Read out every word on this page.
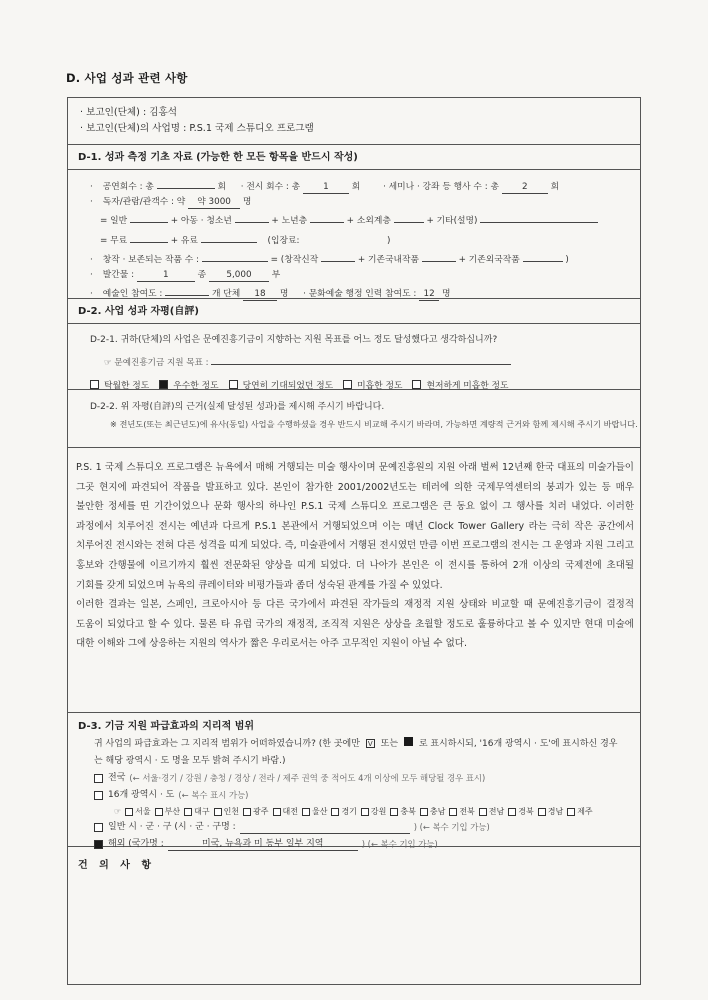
D. 사업 성과 관련 사항
· 보고인(단체) : 김홍석
· 보고인(단체)의 사업명 : P.S.1 국제 스튜디오 프로그램
D-1. 성과 측정 기초 자료 (가능한 한 모든 항목을 반드시 작성)
· 공연회수 : 총	회 · 전시 회수 : 총	1	회	· 세미나 · 강좌 등 행사 수 : 총	2	회
· 독자/관람/관객수 : 약 약 3000 명
= 일반	+ 아동 · 청소년	+ 노년층	+ 소외계층	+ 기타(설명)
= 무료	+ 유료	(입장료:	)
· 창작 · 보존되는 작품 수 :	= (창작신작	+ 기존국내작품	+ 기존외국작품	)
· 발간물 :	1	종 5,000 부
· 예술인 참여도 :	개 단체 18 명 · 문화예술 행정 인력 참여도 : 12 명
D-2. 사업 성과 자평(自評)
D-2-1. 귀하(단체)의 사업은 문예진흥기금이 지향하는 지원 목표를 어느 정도 달성했다고 생각하십니까?
☞ 문예진흥기금 지원 목표 :
탁월한 정도	우수한 정도	당연히 기대되었던 정도	미흡한 정도	현저하게 미흡한 정도
D-2-2. 위 자평(自評)의 근거(실제 달성된 성과)를 제시해 주시기 바랍니다.
※ 전년도(또는 최근년도)에 유사(동일) 사업을 수행하셨을 경우 반드시 비교해 주시기 바라며, 가능하면 계량적 근거와 함께 제시해 주시기 바랍니다.

P.S. 1 국제 스튜디오 프로그램은 뉴욕에서 매해 거행되는 미술 행사이며 문예진흥원의 지원 아래 벌써 12년째 한국 대표의 미술가들이 그곳 현지에 파견되어 작품을 발표하고 있다. 본인이 참가한 2001/2002년도는 테러에 의한 국제무역센터의 붕괴가 있는 등 매우 불안한 정세를 띤 기간이었으나 문화 행사의 하나인 P.S.1 국제 스튜디오 프로그램은 큰 동요 없이 그 행사를 치러 내었다. 이러한 과정에서 치루어진 전시는 예년과 다르게 P.S.1 본관에서 거행되었으며 이는 매년 Clock Tower Gallery 라는 극히 작은 공간에서 치루어진 전시와는 전혀 다른 성격을 띠게 되었다. 즉, 미술관에서 거행된 전시였던 만큼 이번 프로그램의 전시는 그 운영과 지원 그리고 홍보와 간행물에 이르기까지 훨씬 전문화된 양상을 띠게 되었다. 더 나아가 본인은 이 전시를 통하여 2개 이상의 국제전에 초대될 기회를 갖게 되었으며 뉴욕의 큐레이터와 비평가들과 좀더 성숙된 관계를 가질 수 있었다.

이러한 결과는 일본, 스페인, 크로아시아 등 다른 국가에서 파견된 작가들의 재정적 지원 상태와 비교할 때 문예진흥기금이 결정적 도움이 되었다고 할 수 있다. 물론 타 유럽 국가의 재정적, 조직적 지원은 상상을 초월할 정도로 훌륭하다고 볼 수 있지만 현대 미술에 대한 이해와 그에 상응하는 지원의 역사가 짧은 우리로서는 아주 고무적인 지원이 아닐 수 없다.

D-3. 기금 지원 파급효과의 지리적 범위
귀 사업의 파급효과는 그 지리적 범위가 어떠하였습니까? (한 곳에만 V 또는 로 표시하시되, '16개 광역시 · 도'에 표시하신 경우는 해당 광역시 · 도 명을 모두 밝혀 주시기 바람.)
전국 (← 서울·경기 / 강원 / 충청 / 경상 / 전라 / 제주 권역 중 적어도 4개 이상에 모두 해당될 경우 표시)
16개 광역시 · 도 (← 복수 표시 가능)
☞ 서울 부산 대구 인천 광주 대전 울산 경기 강원 충북 충남 전북 전남 경북 경남 제주
일반 시 · 군 · 구 (시 · 군 · 구명 :	) (← 복수 기입 가능)
해외 (국가명 :	미국, 뉴욕과 미 동부 일부 지역	) (← 복수 기입 가능)
건 의 사 항
